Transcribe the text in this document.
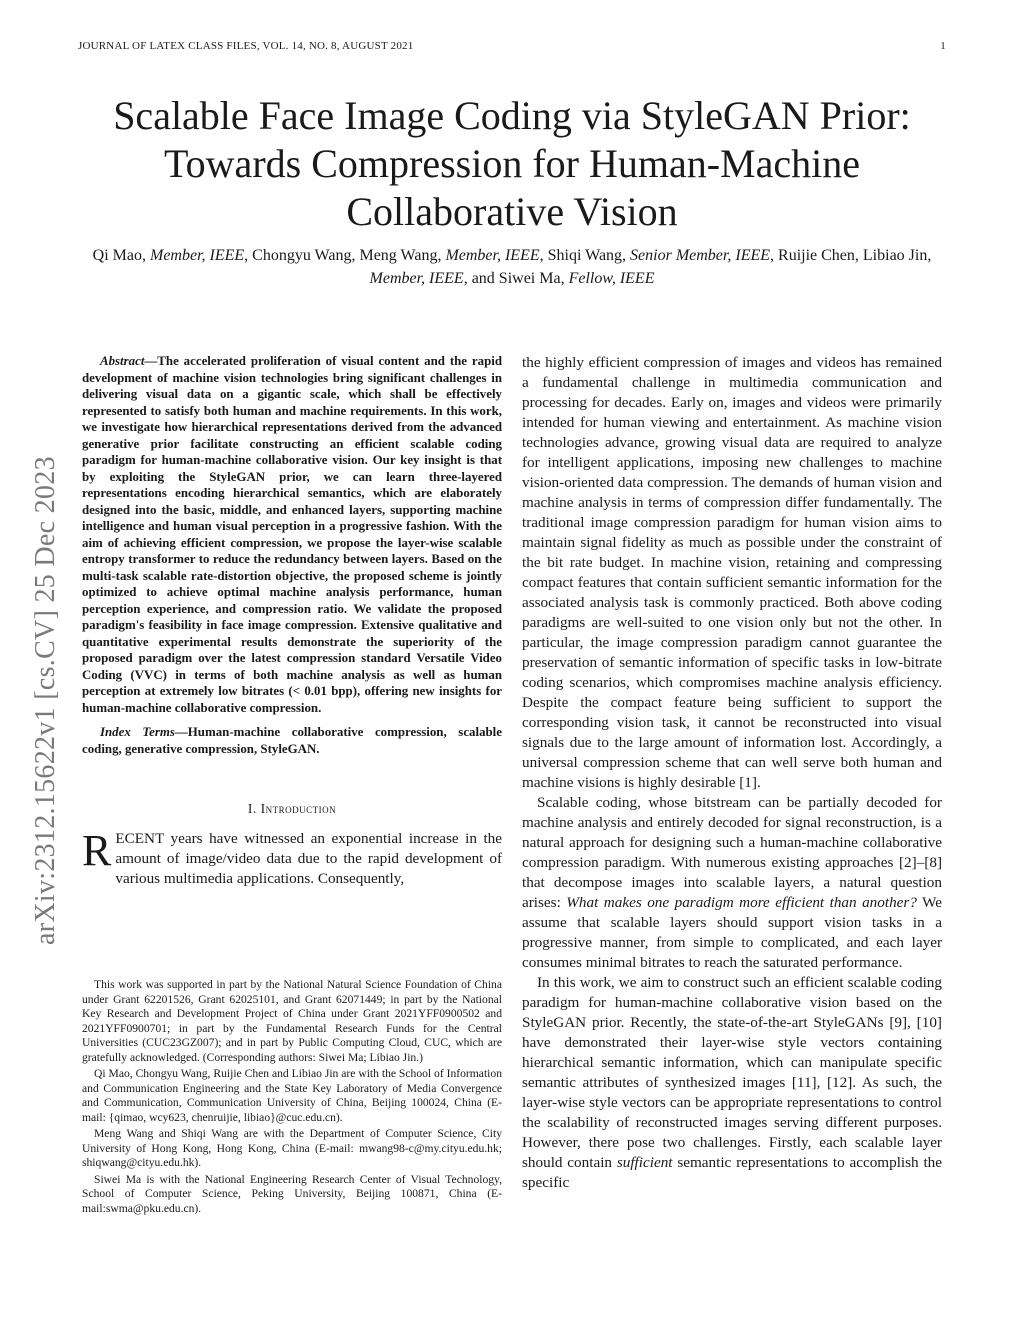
JOURNAL OF LATEX CLASS FILES, VOL. 14, NO. 8, AUGUST 2021	1
Scalable Face Image Coding via StyleGAN Prior: Towards Compression for Human-Machine Collaborative Vision
Qi Mao, Member, IEEE, Chongyu Wang, Meng Wang, Member, IEEE, Shiqi Wang, Senior Member, IEEE, Ruijie Chen, Libiao Jin, Member, IEEE, and Siwei Ma, Fellow, IEEE
arXiv:2312.15622v1 [cs.CV] 25 Dec 2023

Abstract—The accelerated proliferation of visual content and the rapid development of machine vision technologies bring significant challenges in delivering visual data on a gigantic scale, which shall be effectively represented to satisfy both human and machine requirements. In this work, we investigate how hierarchical representations derived from the advanced generative prior facilitate constructing an efficient scalable coding paradigm for human-machine collaborative vision. Our key insight is that by exploiting the StyleGAN prior, we can learn three-layered representations encoding hierarchical semantics, which are elaborately designed into the basic, middle, and enhanced layers, supporting machine intelligence and human visual perception in a progressive fashion. With the aim of achieving efficient compression, we propose the layer-wise scalable entropy transformer to reduce the redundancy between layers. Based on the multi-task scalable rate-distortion objective, the proposed scheme is jointly optimized to achieve optimal machine analysis performance, human perception experience, and compression ratio. We validate the proposed paradigm's feasibility in face image compression. Extensive qualitative and quantitative experimental results demonstrate the superiority of the proposed paradigm over the latest compression standard Versatile Video Coding (VVC) in terms of both machine analysis as well as human perception at extremely low bitrates (< 0.01 bpp), offering new insights for human-machine collaborative compression.

Index Terms—Human-machine collaborative compression, scalable coding, generative compression, StyleGAN.

I. Introduction

RECENT years have witnessed an exponential increase in the amount of image/video data due to the rapid development of various multimedia applications. Consequently,

This work was supported in part by the National Natural Science Foundation of China under Grant 62201526, Grant 62025101, and Grant 62071449; in part by the National Key Research and Development Project of China under Grant 2021YFF0900502 and 2021YFF0900701; in part by the Fundamental Research Funds for the Central Universities (CUC23GZ007); and in part by Public Computing Cloud, CUC, which are gratefully acknowledged. (Corresponding authors: Siwei Ma; Libiao Jin.)

Qi Mao, Chongyu Wang, Ruijie Chen and Libiao Jin are with the School of Information and Communication Engineering and the State Key Laboratory of Media Convergence and Communication, Communication University of China, Beijing 100024, China (E-mail: {qimao, wcy623, chenruijie, libiao}@cuc.edu.cn).

Meng Wang and Shiqi Wang are with the Department of Computer Science, City University of Hong Kong, Hong Kong, China (E-mail: mwang98-c@my.cityu.edu.hk; shiqwang@cityu.edu.hk).

Siwei Ma is with the National Engineering Research Center of Visual Technology, School of Computer Science, Peking University, Beijing 100871, China (E-mail:swma@pku.edu.cn).

the highly efficient compression of images and videos has remained a fundamental challenge in multimedia communication and processing for decades. Early on, images and videos were primarily intended for human viewing and entertainment. As machine vision technologies advance, growing visual data are required to analyze for intelligent applications, imposing new challenges to machine vision-oriented data compression. The demands of human vision and machine analysis in terms of compression differ fundamentally. The traditional image compression paradigm for human vision aims to maintain signal fidelity as much as possible under the constraint of the bit rate budget. In machine vision, retaining and compressing compact features that contain sufficient semantic information for the associated analysis task is commonly practiced. Both above coding paradigms are well-suited to one vision only but not the other. In particular, the image compression paradigm cannot guarantee the preservation of semantic information of specific tasks in low-bitrate coding scenarios, which compromises machine analysis efficiency. Despite the compact feature being sufficient to support the corresponding vision task, it cannot be reconstructed into visual signals due to the large amount of information lost. Accordingly, a universal compression scheme that can well serve both human and machine visions is highly desirable [1].

Scalable coding, whose bitstream can be partially decoded for machine analysis and entirely decoded for signal reconstruction, is a natural approach for designing such a human-machine collaborative compression paradigm. With numerous existing approaches [2]–[8] that decompose images into scalable layers, a natural question arises: What makes one paradigm more efficient than another? We assume that scalable layers should support vision tasks in a progressive manner, from simple to complicated, and each layer consumes minimal bitrates to reach the saturated performance.

In this work, we aim to construct such an efficient scalable coding paradigm for human-machine collaborative vision based on the StyleGAN prior. Recently, the state-of-the-art StyleGANs [9], [10] have demonstrated their layer-wise style vectors containing hierarchical semantic information, which can manipulate specific semantic attributes of synthesized images [11], [12]. As such, the layer-wise style vectors can be appropriate representations to control the scalability of reconstructed images serving different purposes. However, there pose two challenges. Firstly, each scalable layer should contain sufficient semantic representations to accomplish the specific
